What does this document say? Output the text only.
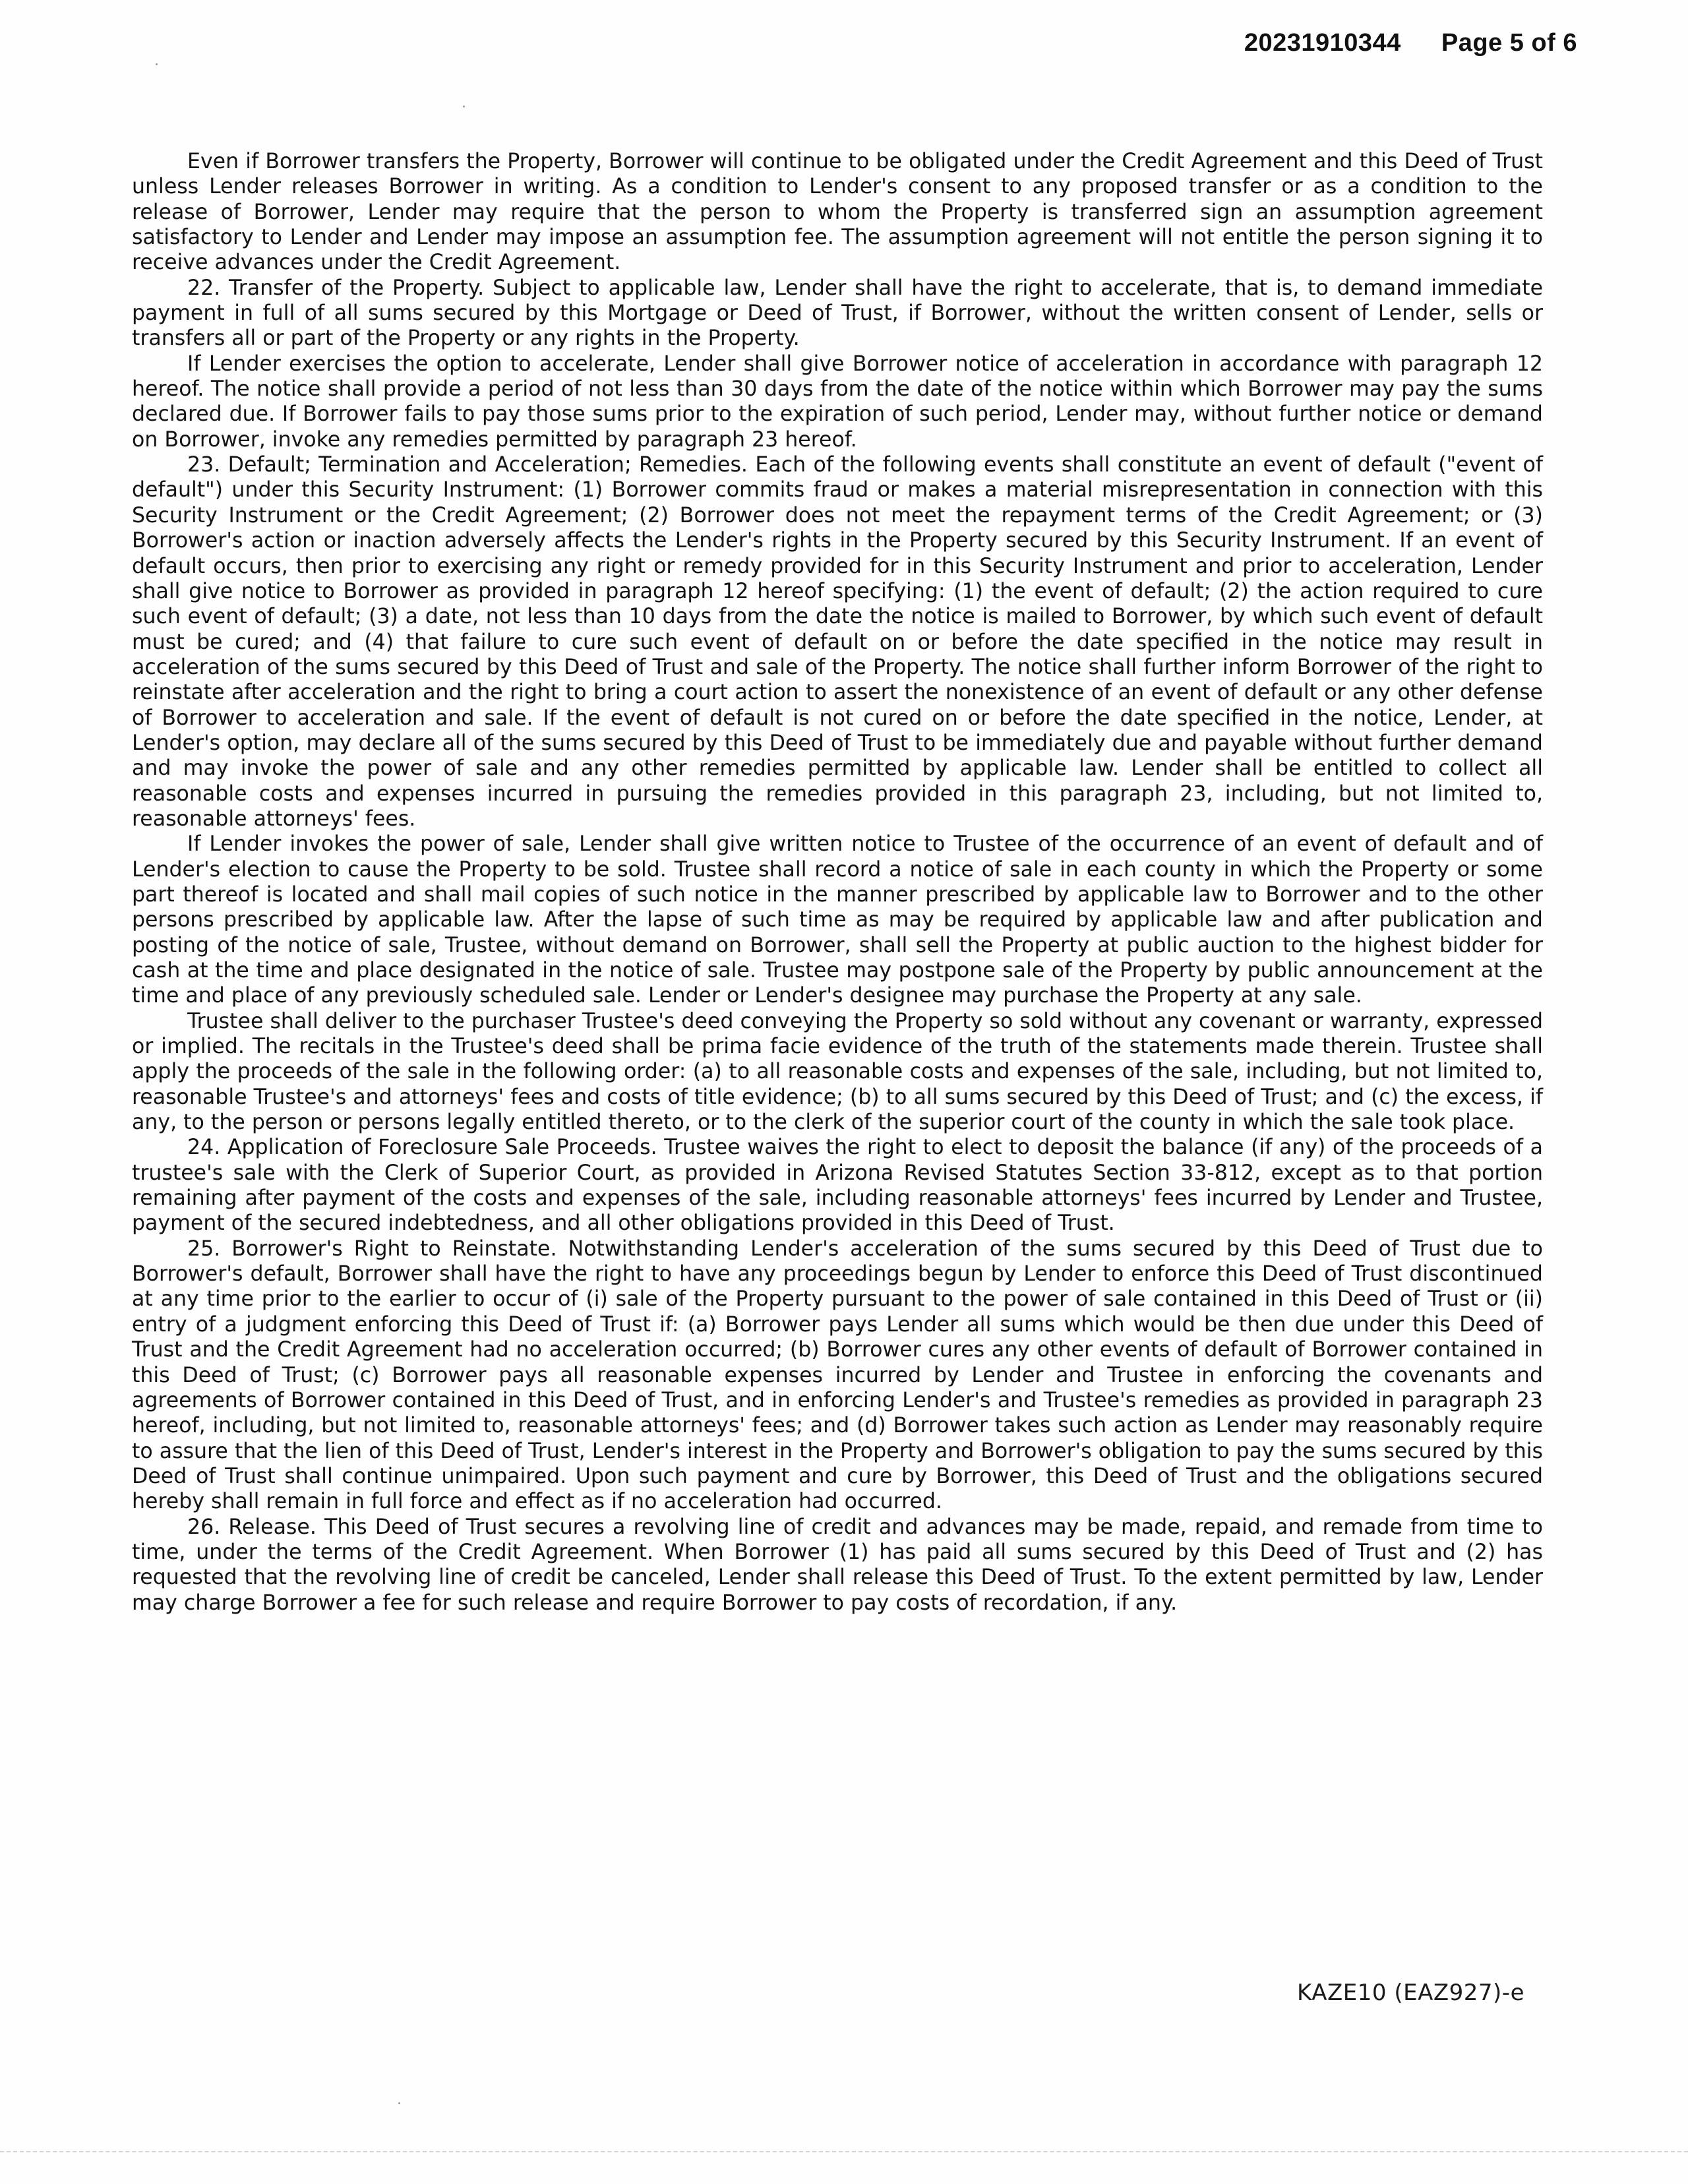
20231910344 Page 5 of 6

Even if Borrower transfers the Property, Borrower will continue to be obligated under the Credit Agreement and this Deed of Trust unless Lender releases Borrower in writing. As a condition to Lender's consent to any proposed transfer or as a condition to the release of Borrower, Lender may require that the person to whom the Property is transferred sign an assumption agreement satisfactory to Lender and Lender may impose an assumption fee. The assumption agreement will not entitle the person signing it to receive advances under the Credit Agreement.

22. Transfer of the Property. Subject to applicable law, Lender shall have the right to accelerate, that is, to demand immediate payment in full of all sums secured by this Mortgage or Deed of Trust, if Borrower, without the written consent of Lender, sells or transfers all or part of the Property or any rights in the Property.

If Lender exercises the option to accelerate, Lender shall give Borrower notice of acceleration in accordance with paragraph 12 hereof. The notice shall provide a period of not less than 30 days from the date of the notice within which Borrower may pay the sums declared due. If Borrower fails to pay those sums prior to the expiration of such period, Lender may, without further notice or demand on Borrower, invoke any remedies permitted by paragraph 23 hereof.

23. Default; Termination and Acceleration; Remedies. Each of the following events shall constitute an event of default ("event of default") under this Security Instrument: (1) Borrower commits fraud or makes a material misrepresentation in connection with this Security Instrument or the Credit Agreement; (2) Borrower does not meet the repayment terms of the Credit Agreement; or (3) Borrower's action or inaction adversely affects the Lender's rights in the Property secured by this Security Instrument. If an event of default occurs, then prior to exercising any right or remedy provided for in this Security Instrument and prior to acceleration, Lender shall give notice to Borrower as provided in paragraph 12 hereof specifying: (1) the event of default; (2) the action required to cure such event of default; (3) a date, not less than 10 days from the date the notice is mailed to Borrower, by which such event of default must be cured; and (4) that failure to cure such event of default on or before the date specified in the notice may result in acceleration of the sums secured by this Deed of Trust and sale of the Property. The notice shall further inform Borrower of the right to reinstate after acceleration and the right to bring a court action to assert the nonexistence of an event of default or any other defense of Borrower to acceleration and sale. If the event of default is not cured on or before the date specified in the notice, Lender, at Lender's option, may declare all of the sums secured by this Deed of Trust to be immediately due and payable without further demand and may invoke the power of sale and any other remedies permitted by applicable law. Lender shall be entitled to collect all reasonable costs and expenses incurred in pursuing the remedies provided in this paragraph 23, including, but not limited to, reasonable attorneys' fees.

If Lender invokes the power of sale, Lender shall give written notice to Trustee of the occurrence of an event of default and of Lender's election to cause the Property to be sold. Trustee shall record a notice of sale in each county in which the Property or some part thereof is located and shall mail copies of such notice in the manner prescribed by applicable law to Borrower and to the other persons prescribed by applicable law. After the lapse of such time as may be required by applicable law and after publication and posting of the notice of sale, Trustee, without demand on Borrower, shall sell the Property at public auction to the highest bidder for cash at the time and place designated in the notice of sale. Trustee may postpone sale of the Property by public announcement at the time and place of any previously scheduled sale. Lender or Lender's designee may purchase the Property at any sale.

Trustee shall deliver to the purchaser Trustee's deed conveying the Property so sold without any covenant or warranty, expressed or implied. The recitals in the Trustee's deed shall be prima facie evidence of the truth of the statements made therein. Trustee shall apply the proceeds of the sale in the following order: (a) to all reasonable costs and expenses of the sale, including, but not limited to, reasonable Trustee's and attorneys' fees and costs of title evidence; (b) to all sums secured by this Deed of Trust; and (c) the excess, if any, to the person or persons legally entitled thereto, or to the clerk of the superior court of the county in which the sale took place.

24. Application of Foreclosure Sale Proceeds. Trustee waives the right to elect to deposit the balance (if any) of the proceeds of a trustee's sale with the Clerk of Superior Court, as provided in Arizona Revised Statutes Section 33-812, except as to that portion remaining after payment of the costs and expenses of the sale, including reasonable attorneys' fees incurred by Lender and Trustee, payment of the secured indebtedness, and all other obligations provided in this Deed of Trust.

25. Borrower's Right to Reinstate. Notwithstanding Lender's acceleration of the sums secured by this Deed of Trust due to Borrower's default, Borrower shall have the right to have any proceedings begun by Lender to enforce this Deed of Trust discontinued at any time prior to the earlier to occur of (i) sale of the Property pursuant to the power of sale contained in this Deed of Trust or (ii) entry of a judgment enforcing this Deed of Trust if: (a) Borrower pays Lender all sums which would be then due under this Deed of Trust and the Credit Agreement had no acceleration occurred; (b) Borrower cures any other events of default of Borrower contained in this Deed of Trust; (c) Borrower pays all reasonable expenses incurred by Lender and Trustee in enforcing the covenants and agreements of Borrower contained in this Deed of Trust, and in enforcing Lender's and Trustee's remedies as provided in paragraph 23 hereof, including, but not limited to, reasonable attorneys' fees; and (d) Borrower takes such action as Lender may reasonably require to assure that the lien of this Deed of Trust, Lender's interest in the Property and Borrower's obligation to pay the sums secured by this Deed of Trust shall continue unimpaired. Upon such payment and cure by Borrower, this Deed of Trust and the obligations secured hereby shall remain in full force and effect as if no acceleration had occurred.

26. Release. This Deed of Trust secures a revolving line of credit and advances may be made, repaid, and remade from time to time, under the terms of the Credit Agreement. When Borrower (1) has paid all sums secured by this Deed of Trust and (2) has requested that the revolving line of credit be canceled, Lender shall release this Deed of Trust. To the extent permitted by law, Lender may charge Borrower a fee for such release and require Borrower to pay costs of recordation, if any.

KAZE10 (EAZ927)-e
